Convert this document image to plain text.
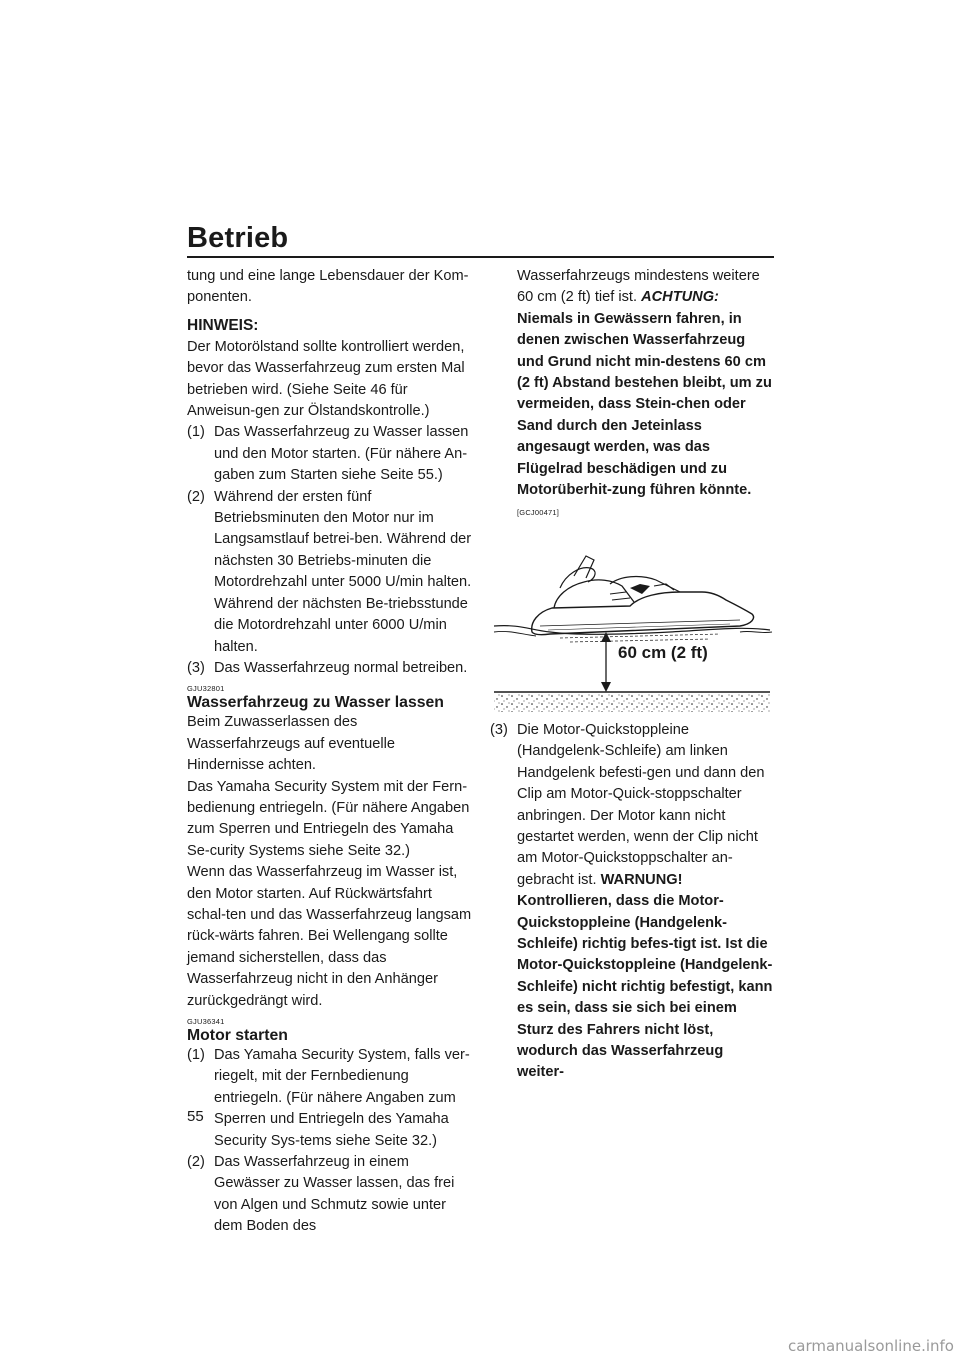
Betrieb

tung und eine lange Lebensdauer der Kom-ponenten.

HINWEIS:

Der Motorölstand sollte kontrolliert werden, bevor das Wasserfahrzeug zum ersten Mal betrieben wird. (Siehe Seite 46 für Anweisun-gen zur Ölstandskontrolle.)

(1) Das Wasserfahrzeug zu Wasser lassen und den Motor starten. (Für nähere An-gaben zum Starten siehe Seite 55.)
(2) Während der ersten fünf Betriebsminuten den Motor nur im Langsamstlauf betrei-ben. Während der nächsten 30 Betriebs-minuten die Motordrehzahl unter 5000 U/min halten. Während der nächsten Be-triebsstunde die Motordrehzahl unter 6000 U/min halten.
(3) Das Wasserfahrzeug normal betreiben.

GJU32801

Wasserfahrzeug zu Wasser lassen

Beim Zuwasserlassen des Wasserfahrzeugs auf eventuelle Hindernisse achten.

Das Yamaha Security System mit der Fern-bedienung entriegeln. (Für nähere Angaben zum Sperren und Entriegeln des Yamaha Se-curity Systems siehe Seite 32.)

Wenn das Wasserfahrzeug im Wasser ist, den Motor starten. Auf Rückwärtsfahrt schal-ten und das Wasserfahrzeug langsam rück-wärts fahren. Bei Wellengang sollte jemand sicherstellen, dass das Wasserfahrzeug nicht in den Anhänger zurückgedrängt wird.

GJU36341

Motor starten

(1) Das Yamaha Security System, falls ver-riegelt, mit der Fernbedienung entriegeln. (Für nähere Angaben zum Sperren und Entriegeln des Yamaha Security Sys-tems siehe Seite 32.)
(2) Das Wasserfahrzeug in einem Gewässer zu Wasser lassen, das frei von Algen und Schmutz sowie unter dem Boden des
Wasserfahrzeugs mindestens weitere 60 cm (2 ft) tief ist. ACHTUNG: Niemals in Gewässern fahren, in denen zwischen Wasserfahrzeug und Grund nicht min-destens 60 cm (2 ft) Abstand bestehen bleibt, um zu vermeiden, dass Stein-chen oder Sand durch den Jeteinlass angesaugt werden, was das Flügelrad beschädigen und zu Motorüberhit-zung führen könnte. [GCJ00471]
60 cm (2 ft)
(3) Die Motor-Quickstoppleine (Handgelenk-Schleife) am linken Handgelenk befesti-gen und dann den Clip am Motor-Quick-stoppschalter anbringen. Der Motor kann nicht gestartet werden, wenn der Clip nicht am Motor-Quickstoppschalter an-gebracht ist. WARNUNG! Kontrollieren, dass die Motor-Quickstoppleine (Handgelenk-Schleife) richtig befes-tigt ist. Ist die Motor-Quickstoppleine (Handgelenk-Schleife) nicht richtig befestigt, kann es sein, dass sie sich bei einem Sturz des Fahrers nicht löst, wodurch das Wasserfahrzeug weiter-
55
carmanualsonline.info
